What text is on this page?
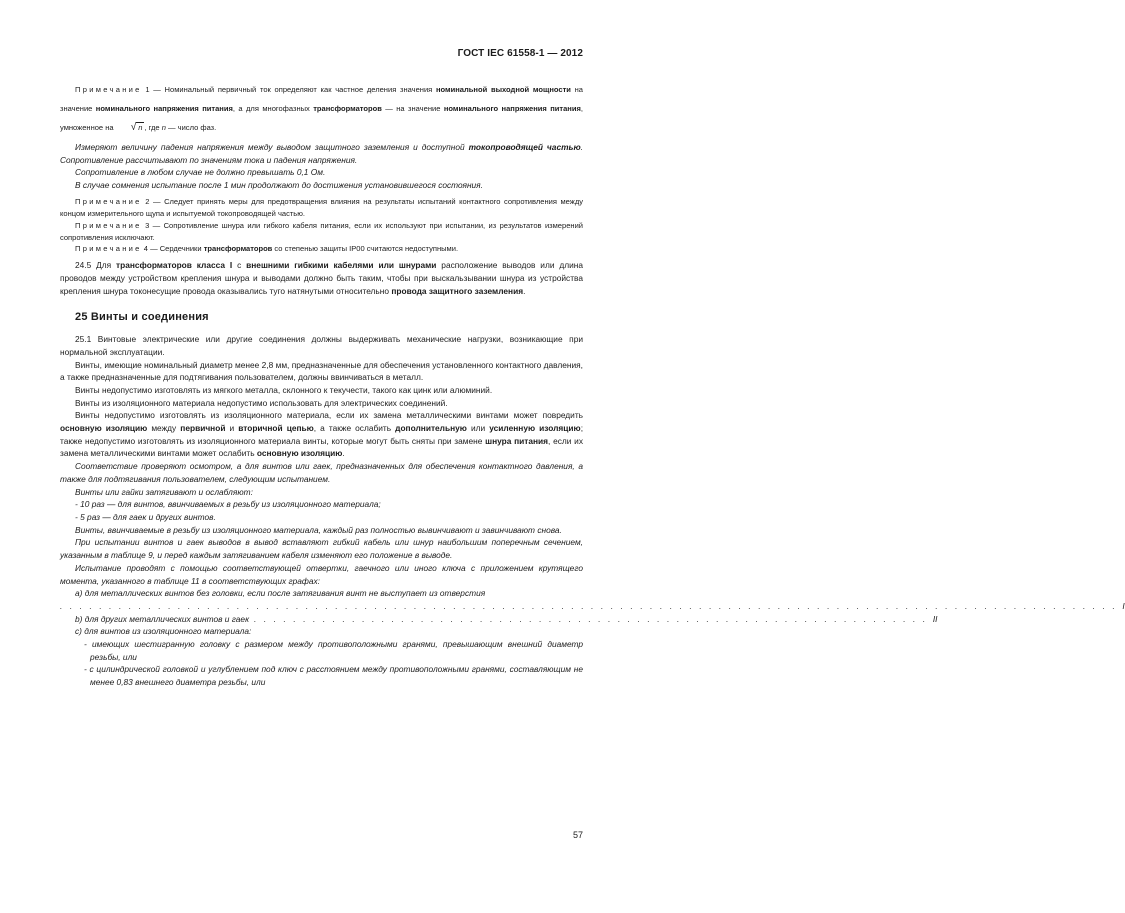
ГОСТ IEC 61558-1 — 2012

Примечание 1 — Номинальный первичный ток определяют как частное деления значения номинальной выходной мощности на значение номинального напряжения питания, а для многофазных трансформаторов — на значение номинального напряжения питания, умноженное на √ n , где n — число фаз.

Измеряют величину падения напряжения между выводом защитного заземления и доступной токопроводящей частью. Сопротивление рассчитывают по значениям тока и падения напряжения.

Сопротивление в любом случае не должно превышать 0,1 Ом.

В случае сомнения испытание после 1 мин продолжают до достижения установившегося состояния.

Примечание 2 — Следует принять меры для предотвращения влияния на результаты испытаний контактного сопротивления между концом измерительного щупа и испытуемой токопроводящей частью.

Примечание 3 — Сопротивление шнура или гибкого кабеля питания, если их используют при испытании, из результатов измерений сопротивления исключают.

Примечание 4 — Сердечники трансформаторов со степенью защиты IP00 считаются недоступными.

24.5 Для трансформаторов класса I с внешними гибкими кабелями или шнурами расположение выводов или длина проводов между устройством крепления шнура и выводами должно быть таким, чтобы при выскальзывании шнура из устройства крепления шнура токонесущие провода оказывались туго натянутыми относительно провода защитного заземления.

25 Винты и соединения

25.1 Винтовые электрические или другие соединения должны выдерживать механические нагрузки, возникающие при нормальной эксплуатации.

Винты, имеющие номинальный диаметр менее 2,8 мм, предназначенные для обеспечения установленного контактного давления, а также предназначенные для подтягивания пользователем, должны ввинчиваться в металл.

Винты недопустимо изготовлять из мягкого металла, склонного к текучести, такого как цинк или алюминий.

Винты из изоляционного материала недопустимо использовать для электрических соединений.

Винты недопустимо изготовлять из изоляционного материала, если их замена металлическими винтами может повредить основную изоляцию между первичной и вторичной цепью, а также ослабить дополнительную или усиленную изоляцию; также недопустимо изготовлять из изоляционного материала винты, которые могут быть сняты при замене шнура питания, если их замена металлическими винтами может ослабить основную изоляцию.

Соответствие проверяют осмотром, а для винтов или гаек, предназначенных для обеспечения контактного давления, а также для подтягивания пользователем, следующим испытанием.

Винты или гайки затягивают и ослабляют:

- 10 раз — для винтов, ввинчиваемых в резьбу из изоляционного материала;

- 5 раз — для гаек и других винтов.

Винты, ввинчиваемые в резьбу из изоляционного материала, каждый раз полностью вывинчивают и завинчивают снова.

При испытании винтов и гаек выводов в вывод вставляют гибкий кабель или шнур наибольшим поперечным сечением, указанным в таблице 9, и перед каждым затягиванием кабеля изменяют его положение в выводе.

Испытание проводят с помощью соответствующей отвертки, гаечного или иного ключа с приложением крутящего момента, указанного в таблице 11 в соответствующих графах:

a) для металлических винтов без головки, если после затягивания винт не выступает из отверстия

. . . . . . . . . . . . . . . . . . . . . . . . . . . . . . . . . . . . . . . . . . . . . . . . . . . . . . . . . . . . . . . . . . . . . . . . . . . . . . . . . . . . . . . . . . . . . . . . . . . . . . . . . . . . I
b) для других металлических винтов и гаек . . . . . . . . . . . . . . . . . . . . . . . . . . . . . . . . . . . . . . . . . . . . . . . . . . . . . . . . . . . . . . . . . . . . . II

c) для винтов из изоляционного материала:

- имеющих шестигранную головку с размером между противоположными гранями, превышающим внешний диаметр резьбы, или

- с цилиндрической головкой и углублением под ключ с расстоянием между противоположными гранями, составляющим не менее 0,83 внешнего диаметра резьбы, или

57
